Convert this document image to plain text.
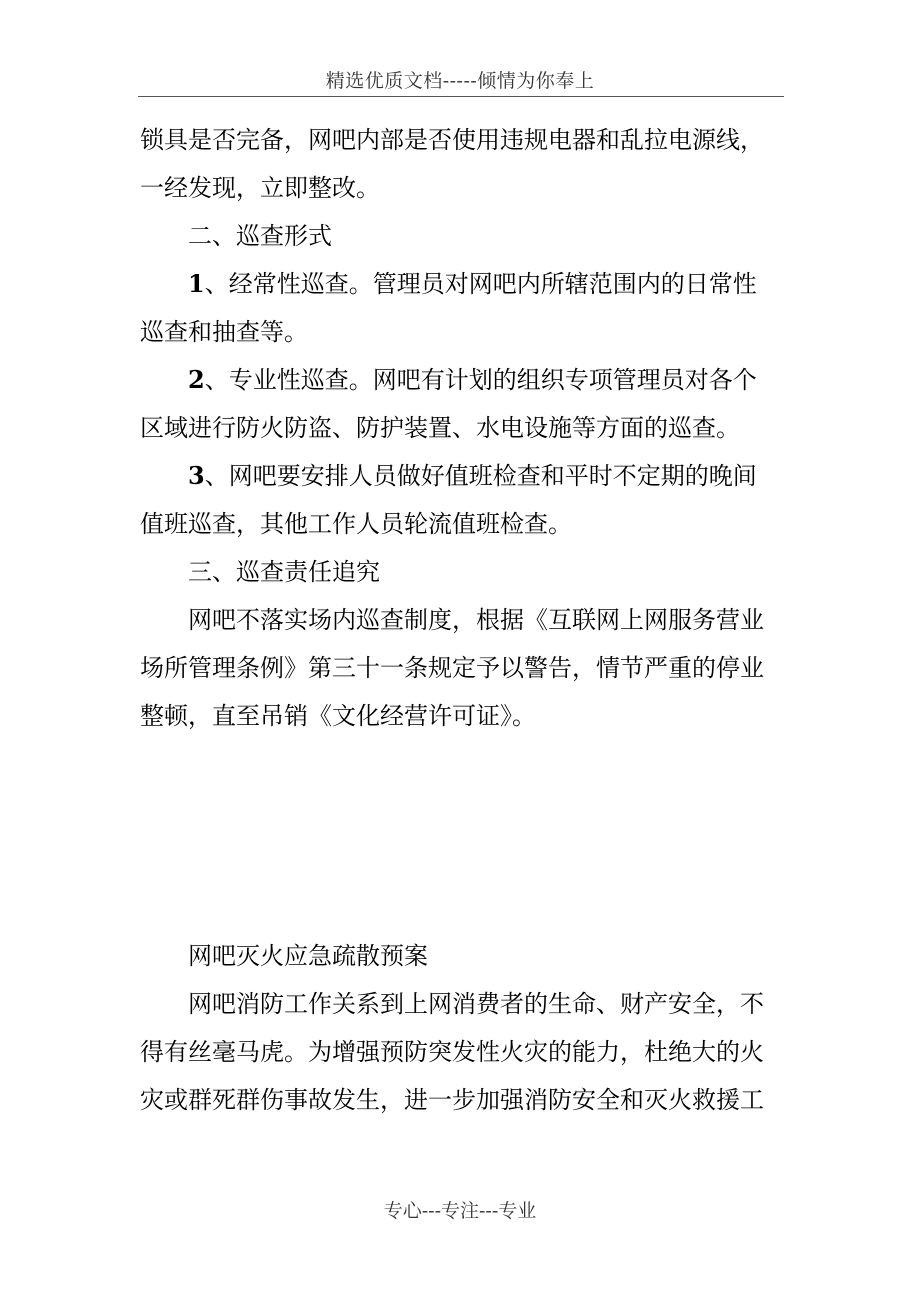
精选优质文档-----倾情为你奉上

锁具是否完备，网吧内部是否使用违规电器和乱拉电源线，

一经发现，立即整改。

二、巡查形式

1、经常性巡查。管理员对网吧内所辖范围内的日常性

巡查和抽查等。

2、专业性巡查。网吧有计划的组织专项管理员对各个

区域进行防火防盗、防护装置、水电设施等方面的巡查。

3、网吧要安排人员做好值班检查和平时不定期的晚间

值班巡查，其他工作人员轮流值班检查。

三、巡查责任追究

网吧不落实场内巡查制度，根据《互联网上网服务营业

场所管理条例》第三十一条规定予以警告，情节严重的停业

整顿，直至吊销《文化经营许可证》。

网吧灭火应急疏散预案

网吧消防工作关系到上网消费者的生命、财产安全，不

得有丝毫马虎。为增强预防突发性火灾的能力，杜绝大的火

灾或群死群伤事故发生，进一步加强消防安全和灭火救援工

专心---专注---专业
